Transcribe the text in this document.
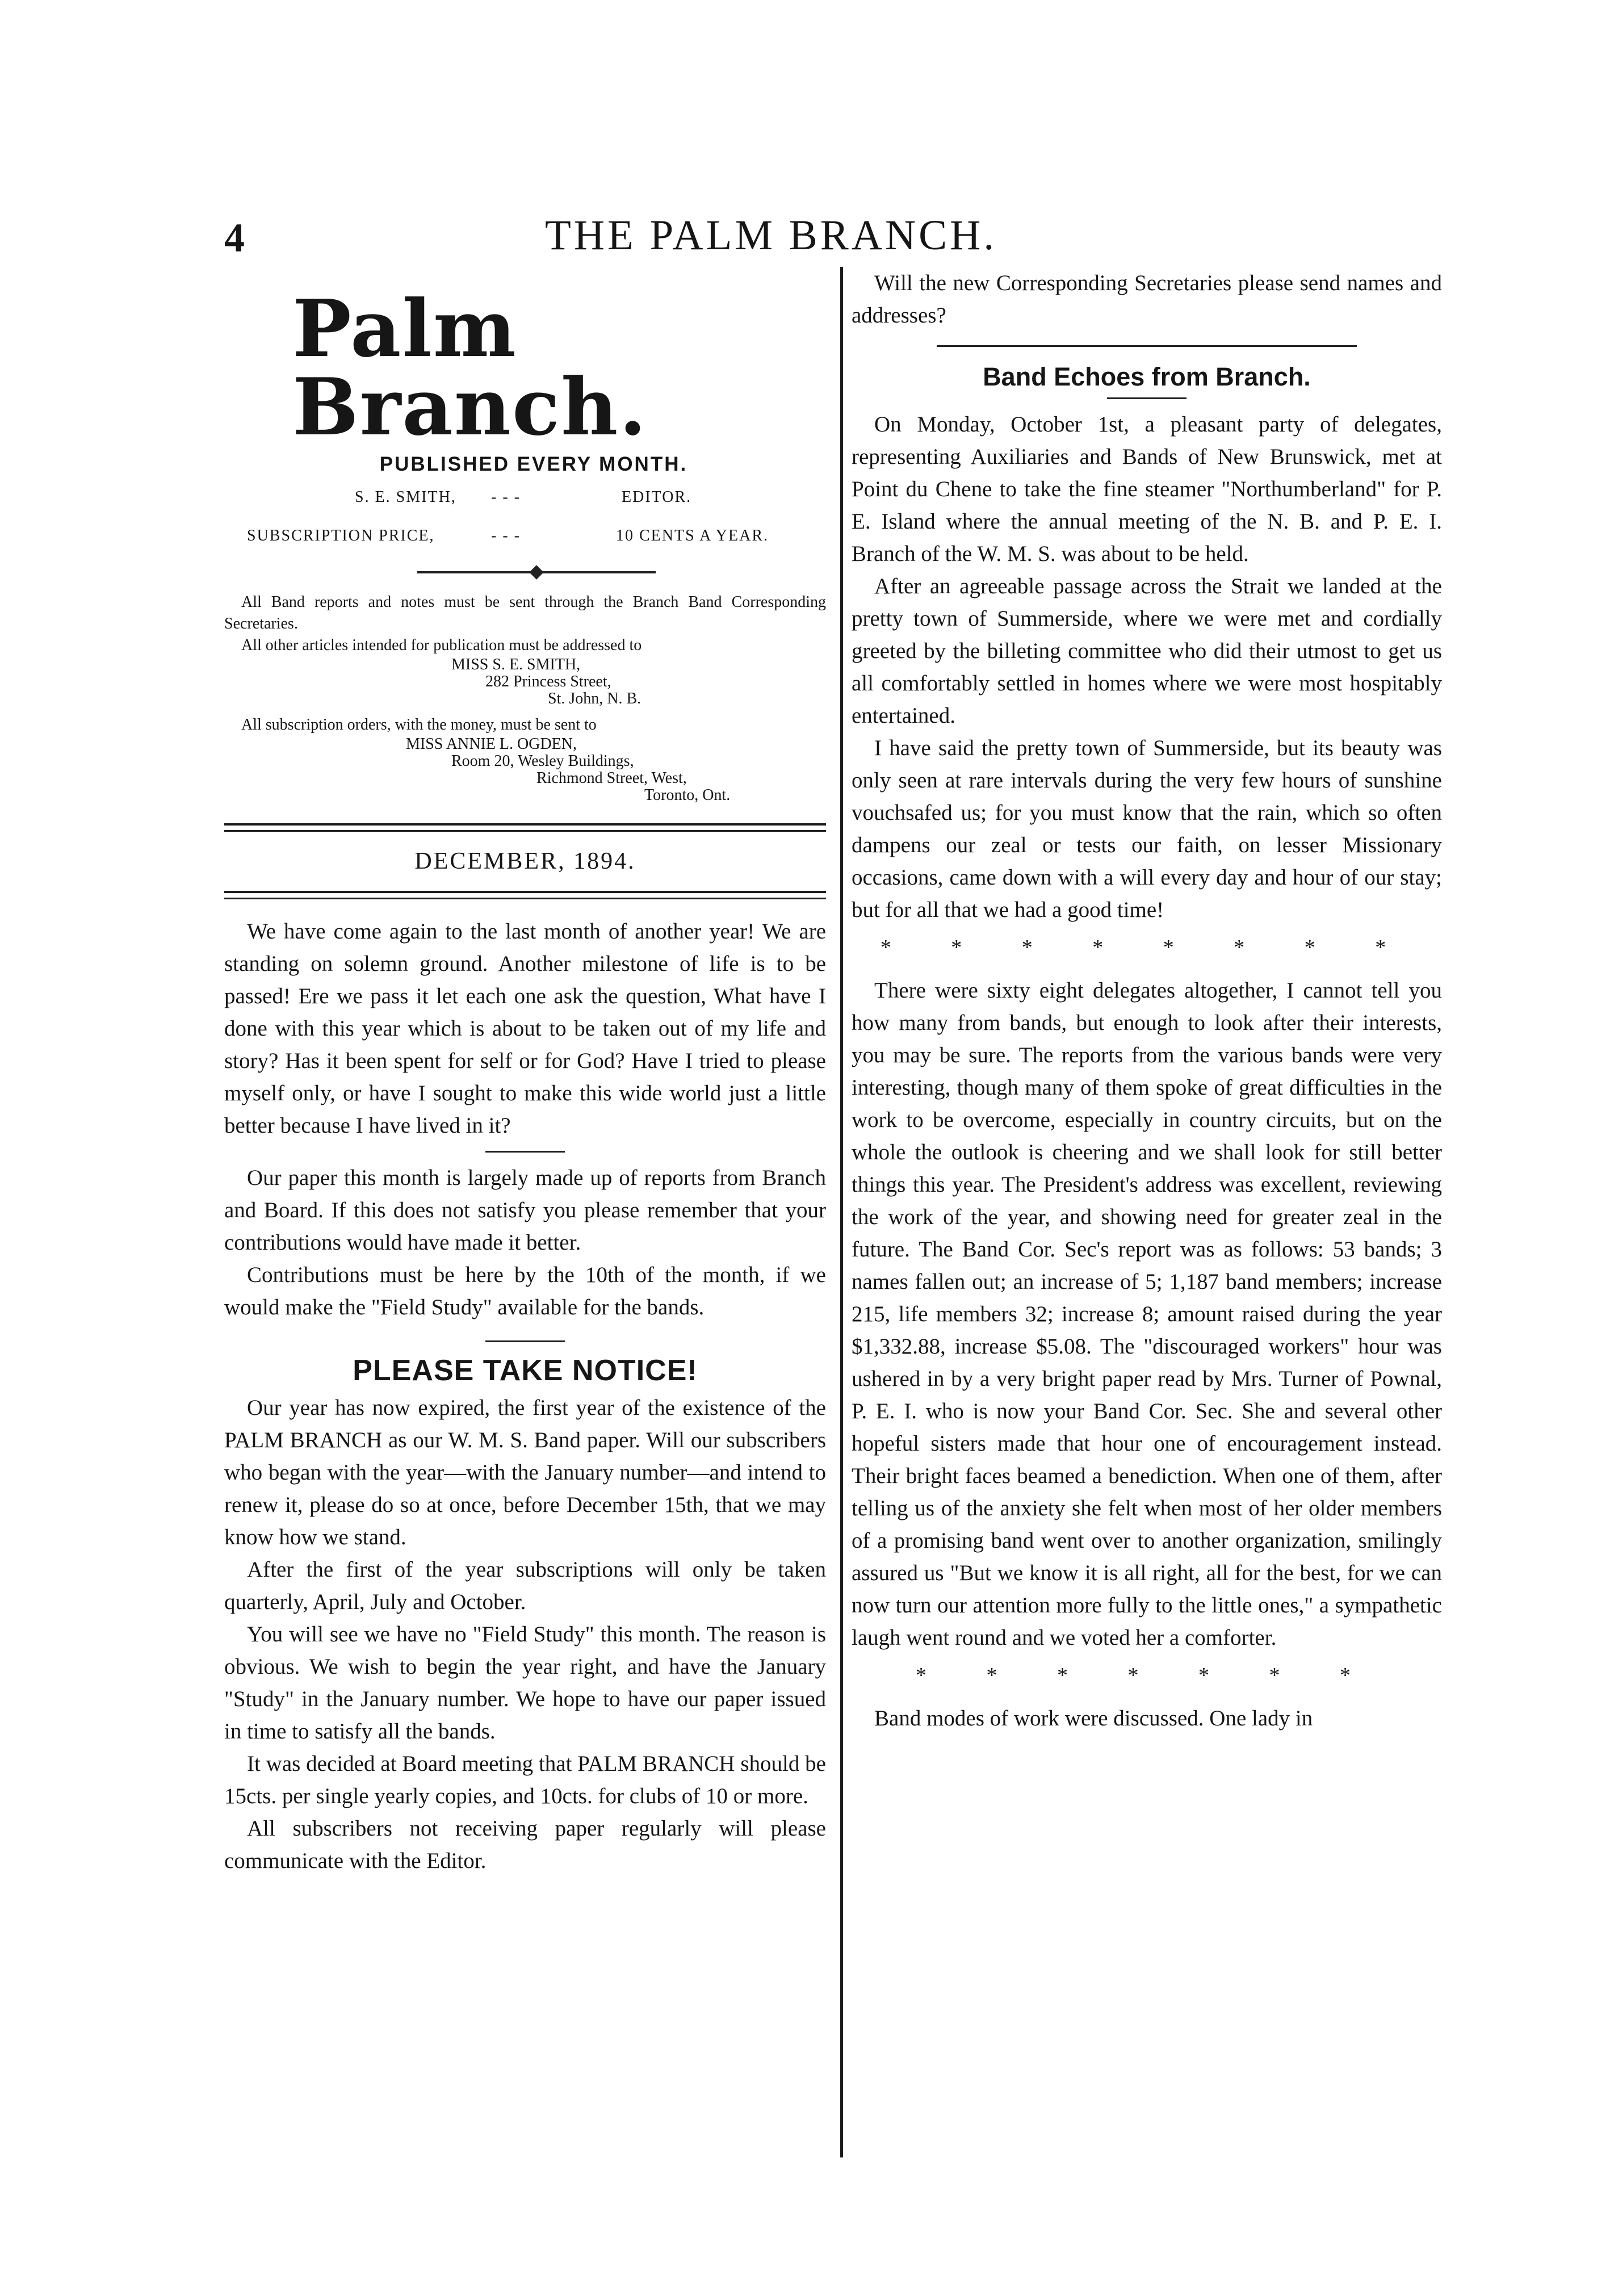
4	THE PALM BRANCH.
Palm Branch.
PUBLISHED EVERY MONTH.
S. E. SMITH, - - -	EDITOR.
SUBSCRIPTION PRICE,	- - -	10 CENTS A YEAR.

All Band reports and notes must be sent through the Branch Band Corresponding Secretaries.

All other articles intended for publication must be addressed to

MISS S. E. SMITH,
282 Princess Street,
St. John, N. B.

All subscription orders, with the money, must be sent to

MISS ANNIE L. OGDEN,
Room 20, Wesley Buildings,
Richmond Street, West,
Toronto, Ont.
DECEMBER, 1894.

We have come again to the last month of another year! We are standing on solemn ground. Another milestone of life is to be passed! Ere we pass it let each one ask the question, What have I done with this year which is about to be taken out of my life and story? Has it been spent for self or for God? Have I tried to please myself only, or have I sought to make this wide world just a little better because I have lived in it?

Our paper this month is largely made up of reports from Branch and Board. If this does not satisfy you please remember that your contributions would have made it better.

Contributions must be here by the 10th of the month, if we would make the "Field Study" available for the bands.

PLEASE TAKE NOTICE!

Our year has now expired, the first year of the existence of the PALM BRANCH as our W. M. S. Band paper. Will our subscribers who began with the year—with the January number—and intend to renew it, please do so at once, before December 15th, that we may know how we stand.

After the first of the year subscriptions will only be taken quarterly, April, July and October.

You will see we have no "Field Study" this month. The reason is obvious. We wish to begin the year right, and have the January "Study" in the January number. We hope to have our paper issued in time to satisfy all the bands.

It was decided at Board meeting that PALM BRANCH should be 15cts. per single yearly copies, and 10cts. for clubs of 10 or more.

All subscribers not receiving paper regularly will please communicate with the Editor.

Will the new Corresponding Secretaries please send names and addresses?

Band Echoes from Branch.

On Monday, October 1st, a pleasant party of delegates, representing Auxiliaries and Bands of New Brunswick, met at Point du Chene to take the fine steamer "Northumberland" for P. E. Island where the annual meeting of the N. B. and P. E. I. Branch of the W. M. S. was about to be held.

After an agreeable passage across the Strait we landed at the pretty town of Summerside, where we were met and cordially greeted by the billeting committee who did their utmost to get us all comfortably settled in homes where we were most hospitably entertained.

I have said the pretty town of Summerside, but its beauty was only seen at rare intervals during the very few hours of sunshine vouchsafed us; for you must know that the rain, which so often dampens our zeal or tests our faith, on lesser Missionary occasions, came down with a will every day and hour of our stay; but for all that we had a good time!

* * * * * * * *

There were sixty eight delegates altogether, I cannot tell you how many from bands, but enough to look after their interests, you may be sure. The reports from the various bands were very interesting, though many of them spoke of great difficulties in the work to be overcome, especially in country circuits, but on the whole the outlook is cheering and we shall look for still better things this year. The President's address was excellent, reviewing the work of the year, and showing need for greater zeal in the future. The Band Cor. Sec's report was as follows: 53 bands; 3 names fallen out; an increase of 5; 1,187 band members; increase 215, life members 32; increase 8; amount raised during the year $1,332.88, increase $5.08. The "discouraged workers" hour was ushered in by a very bright paper read by Mrs. Turner of Pownal, P. E. I. who is now your Band Cor. Sec. She and several other hopeful sisters made that hour one of encouragement instead. Their bright faces beamed a benediction. When one of them, after telling us of the anxiety she felt when most of her older members of a promising band went over to another organization, smilingly assured us "But we know it is all right, all for the best, for we can now turn our attention more fully to the little ones," a sympathetic laugh went round and we voted her a comforter.

* * * * * * *

Band modes of work were discussed. One lady in
